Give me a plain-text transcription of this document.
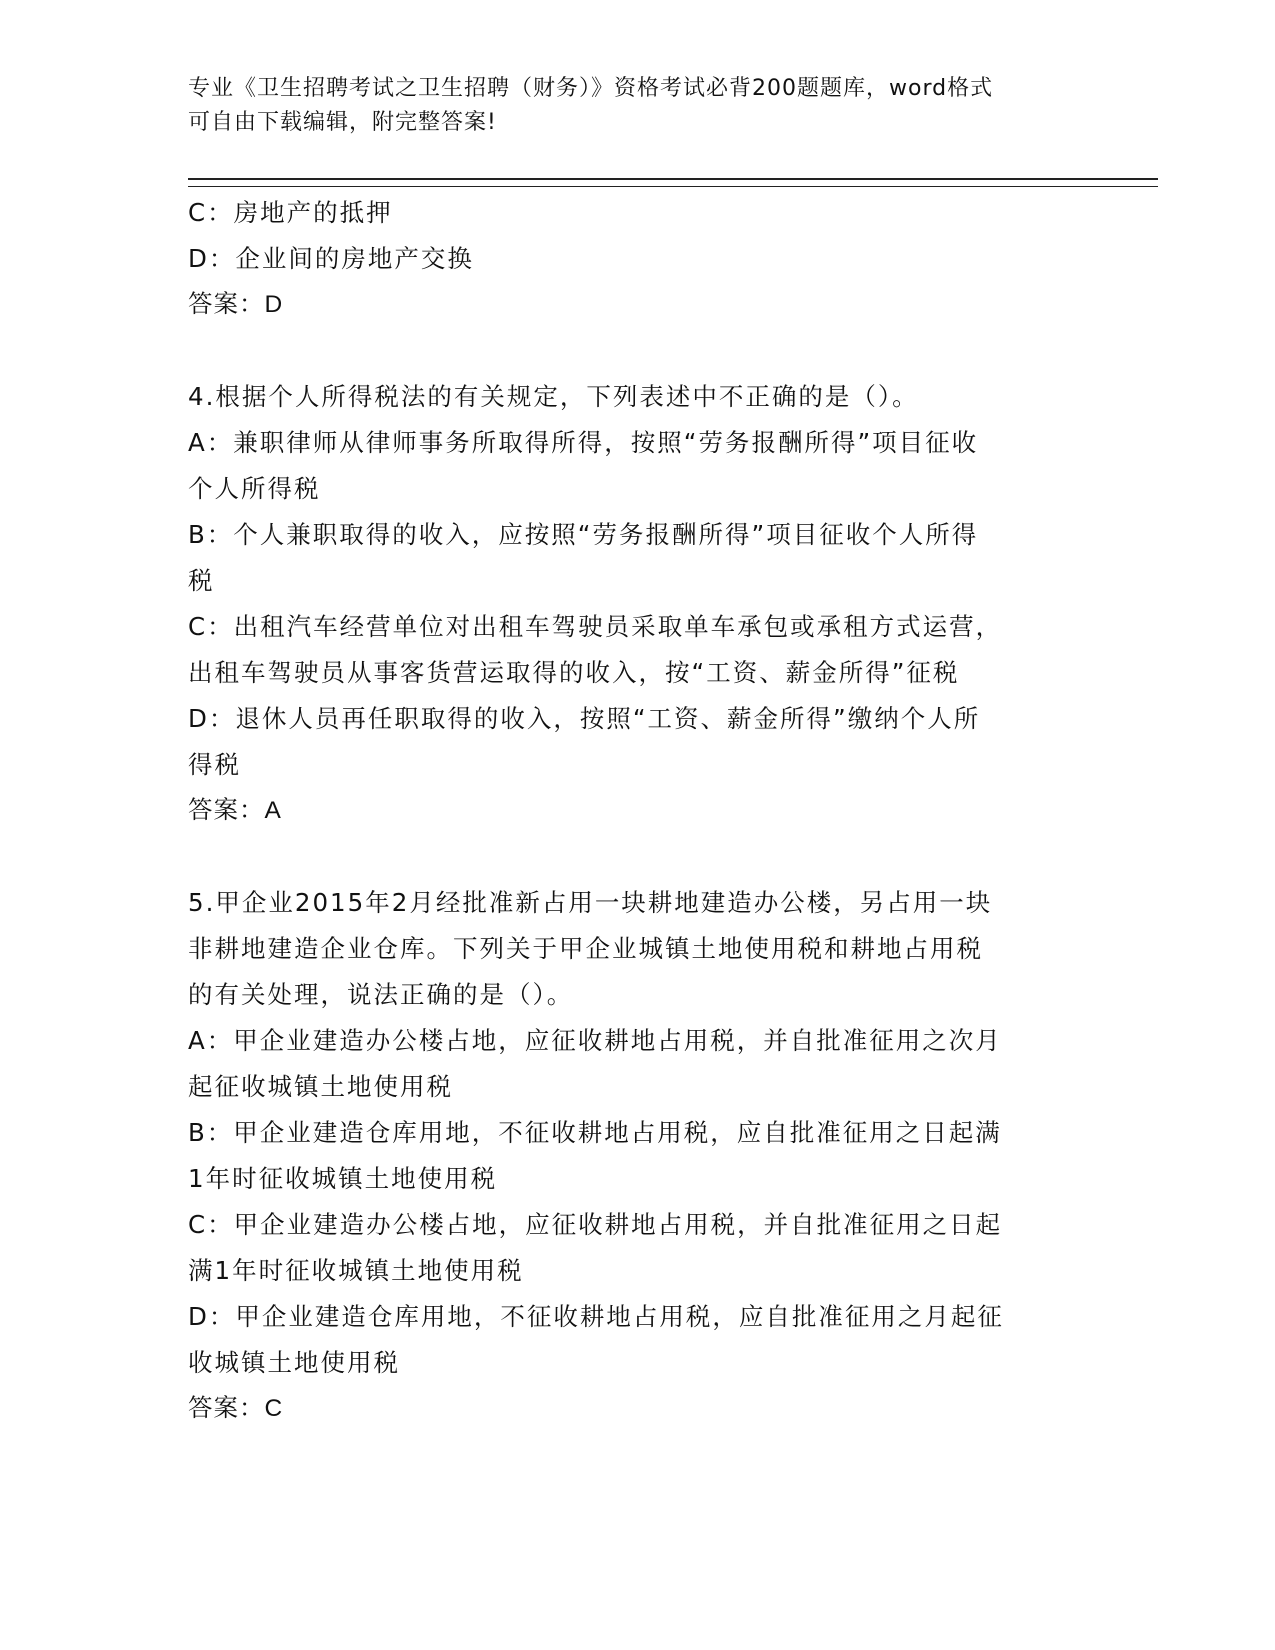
专业《卫生招聘考试之卫生招聘（财务）》资格考试必背200题题库，word格式
可自由下载编辑，附完整答案!
C：房地产的抵押
D：企业间的房地产交换
答案：D
4.根据个人所得税法的有关规定，下列表述中不正确的是（）。
A：兼职律师从律师事务所取得所得，按照“劳务报酬所得”项目征收
个人所得税
B：个人兼职取得的收入，应按照“劳务报酬所得”项目征收个人所得
税
C：出租汽车经营单位对出租车驾驶员采取单车承包或承租方式运营，
出租车驾驶员从事客货营运取得的收入，按“工资、薪金所得”征税
D：退休人员再任职取得的收入，按照“工资、薪金所得”缴纳个人所
得税
答案：A
5.甲企业2015年2月经批准新占用一块耕地建造办公楼，另占用一块
非耕地建造企业仓库。下列关于甲企业城镇土地使用税和耕地占用税
的有关处理，说法正确的是（）。
A：甲企业建造办公楼占地，应征收耕地占用税，并自批准征用之次月
起征收城镇土地使用税
B：甲企业建造仓库用地，不征收耕地占用税，应自批准征用之日起满
1年时征收城镇土地使用税
C：甲企业建造办公楼占地，应征收耕地占用税，并自批准征用之日起
满1年时征收城镇土地使用税
D：甲企业建造仓库用地，不征收耕地占用税，应自批准征用之月起征
收城镇土地使用税
答案：C
